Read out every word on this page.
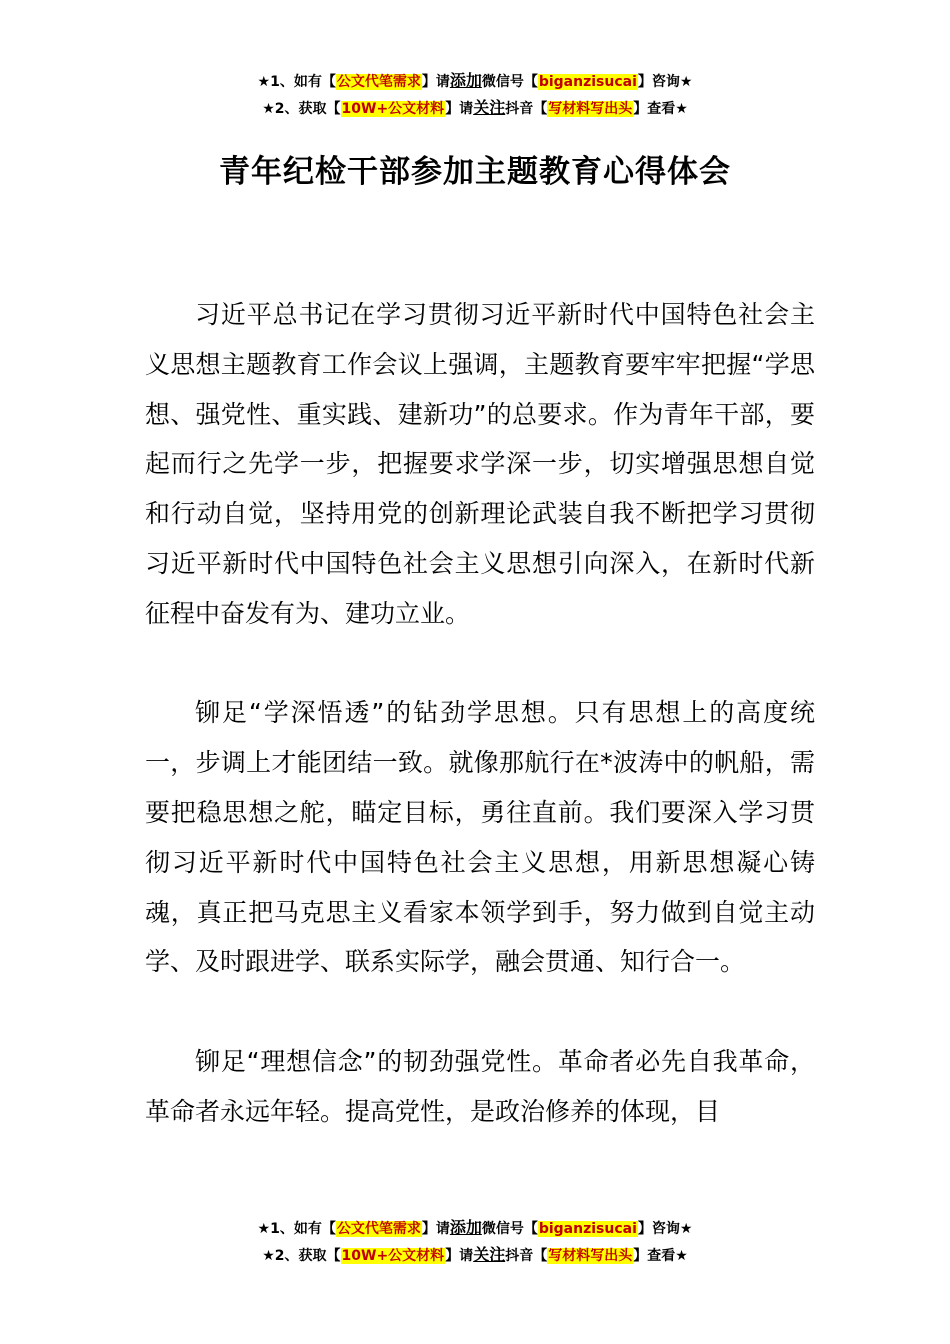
★1、如有【公文代笔需求】请添加微信号【biganzisucai】咨询★
★2、获取【10W+公文材料】请关注抖音【写材料写出头】查看★
青年纪检干部参加主题教育心得体会

习近平总书记在学习贯彻习近平新时代中国特色社会主义思想主题教育工作会议上强调，主题教育要牢牢把握“学思想、强党性、重实践、建新功”的总要求。作为青年干部，要起而行之先学一步，把握要求学深一步，切实增强思想自觉和行动自觉，坚持用党的创新理论武装自我不断把学习贯彻习近平新时代中国特色社会主义思想引向深入，在新时代新征程中奋发有为、建功立业。

铆足“学深悟透”的钻劲学思想。只有思想上的高度统一，步调上才能团结一致。就像那航行在*波涛中的帆船，需要把稳思想之舵，瞄定目标，勇往直前。我们要深入学习贯彻习近平新时代中国特色社会主义思想，用新思想凝心铸魂，真正把马克思主义看家本领学到手，努力做到自觉主动学、及时跟进学、联系实际学，融会贯通、知行合一。

铆足“理想信念”的韧劲强党性。革命者必先自我革命，革命者永远年轻。提高党性，是政治修养的体现，目

★1、如有【公文代笔需求】请添加微信号【biganzisucai】咨询★
★2、获取【10W+公文材料】请关注抖音【写材料写出头】查看★
